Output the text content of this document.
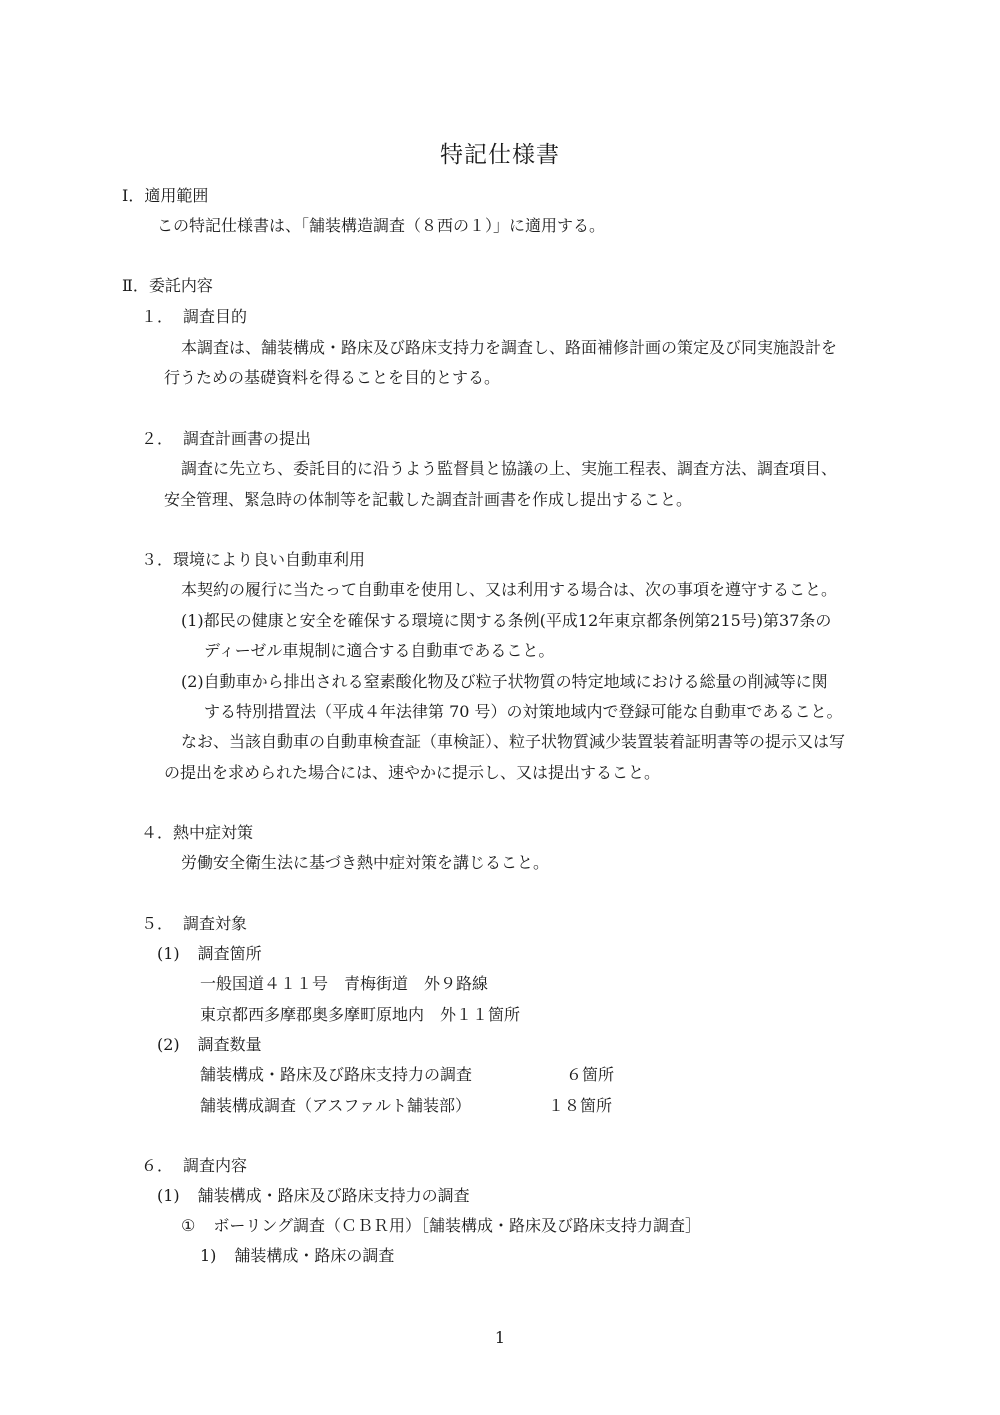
特記仕様書
Ⅰ．適用範囲
この特記仕様書は、「舗装構造調査（８西の１）」に適用する。
Ⅱ．委託内容
１． 調査目的
本調査は、舗装構成・路床及び路床支持力を調査し、路面補修計画の策定及び同実施設計を
行うための基礎資料を得ることを目的とする。
２． 調査計画書の提出
調査に先立ち、委託目的に沿うよう監督員と協議の上、実施工程表、調査方法、調査項目、
安全管理、緊急時の体制等を記載した調査計画書を作成し提出すること。
３．環境により良い自動車利用
本契約の履行に当たって自動車を使用し、又は利用する場合は、次の事項を遵守すること。
(1)都民の健康と安全を確保する環境に関する条例(平成12年東京都条例第215号)第37条の
ディーゼル車規制に適合する自動車であること。
(2)自動車から排出される窒素酸化物及び粒子状物質の特定地域における総量の削減等に関
する特別措置法（平成４年法律第 70 号）の対策地域内で登録可能な自動車であること。
なお、当該自動車の自動車検査証（車検証）、粒子状物質減少装置装着証明書等の提示又は写
の提出を求められた場合には、速やかに提示し、又は提出すること。
４．熱中症対策
労働安全衛生法に基づき熱中症対策を講じること。
５． 調査対象
(1) 調査箇所
一般国道４１１号　青梅街道　外９路線
東京都西多摩郡奥多摩町原地内　外１１箇所
(2) 調査数量
舗装構成・路床及び路床支持力の調査	６箇所
舗装構成調査（アスファルト舗装部）	１８箇所
６． 調査内容
(1) 舗装構成・路床及び路床支持力の調査
① ボーリング調査（ＣＢＲ用）［舗装構成・路床及び路床支持力調査］
1) 舗装構成・路床の調査
1
